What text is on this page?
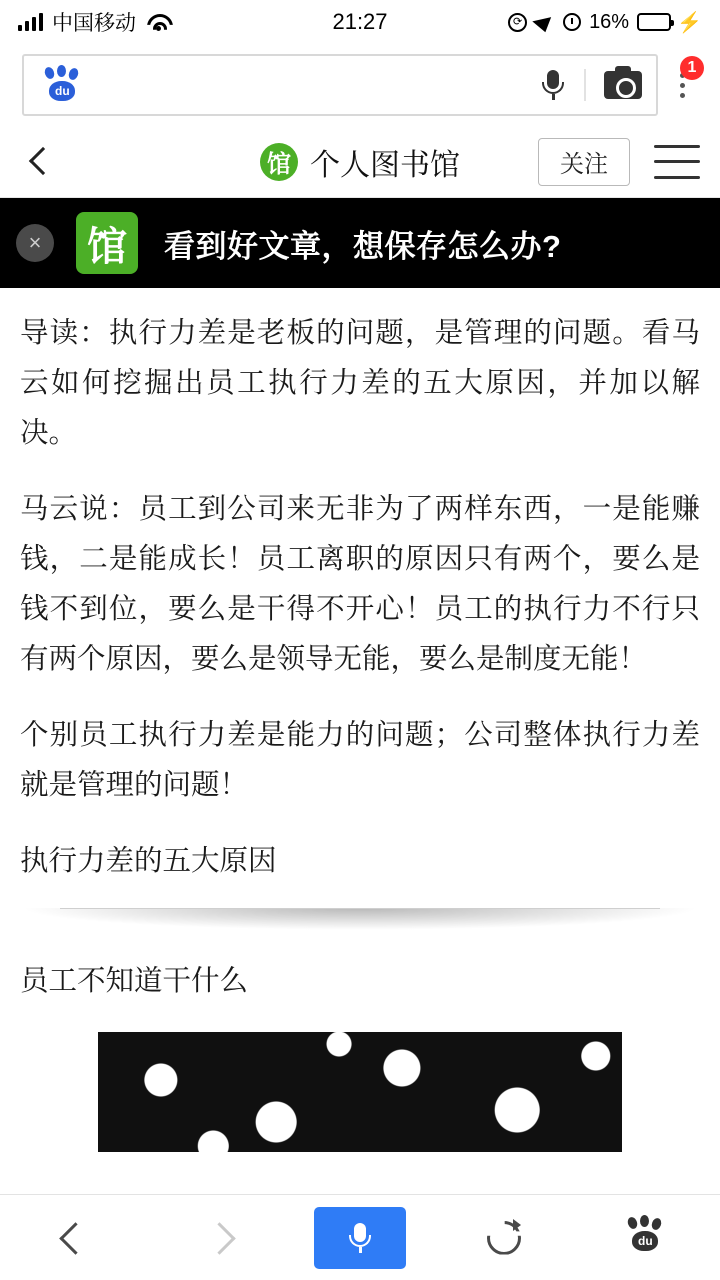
中国移动	21:27	⟳	16% ⚡
du
1
馆 个人图书馆	关注
×	馆	看到好文章，想保存怎么办?

导读：执行力差是老板的问题，是管理的问题。看马云如何挖掘出员工执行力差的五大原因，并加以解决。

马云说：员工到公司来无非为了两样东西，一是能赚钱，二是能成长！员工离职的原因只有两个，要么是钱不到位，要么是干得不开心！员工的执行力不行只有两个原因，要么是领导无能，要么是制度无能！

个别员工执行力差是能力的问题；公司整体执行力差就是管理的问题！

执行力差的五大原因

员工不知道干什么

du
